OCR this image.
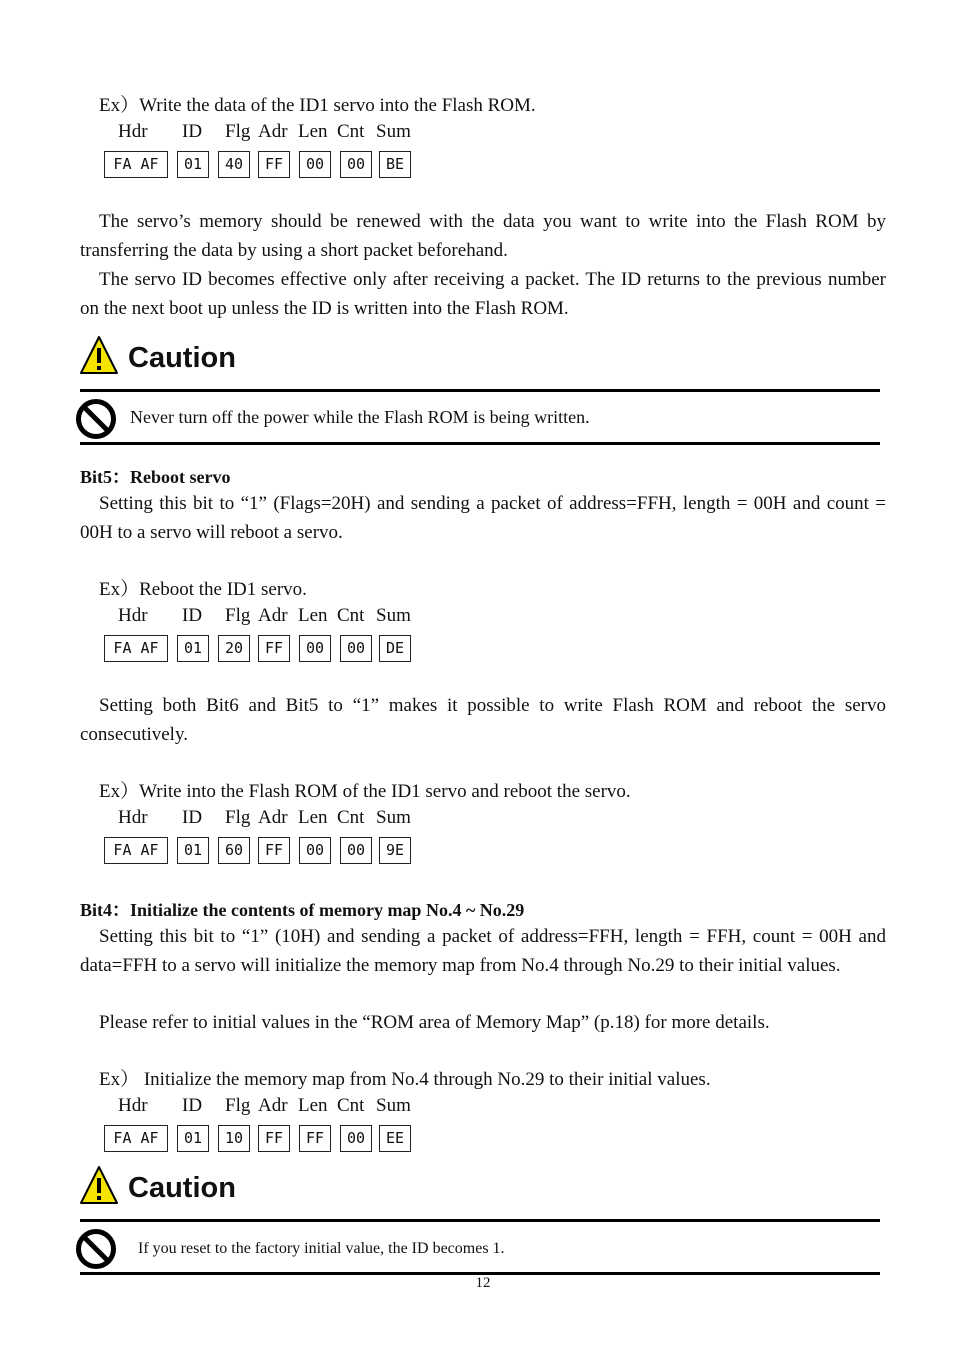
Ex）Write the data of the ID1 servo into the Flash ROM.
Hdr ID Flg Adr Len Cnt Sum
FA AF	01	40	FF	00	00	BE
The servo’s memory should be renewed with the data you want to write into the Flash ROM by transferring the data by using a short packet beforehand.
The servo ID becomes effective only after receiving a packet. The ID returns to the previous number on the next boot up unless the ID is written into the Flash ROM.
Caution
Never turn off the power while the Flash ROM is being written.
Bit5：Reboot servo
Setting this bit to “1” (Flags=20H) and sending a packet of address=FFH, length = 00H and count = 00H to a servo will reboot a servo.
Ex）Reboot the ID1 servo.
Hdr ID Flg Adr Len Cnt Sum
FA AF	01	20	FF	00	00	DE
Setting both Bit6 and Bit5 to “1” makes it possible to write Flash ROM and reboot the servo consecutively.
Ex）Write into the Flash ROM of the ID1 servo and reboot the servo.
Hdr ID Flg Adr Len Cnt Sum
FA AF	01	60	FF	00	00	9E
Bit4：Initialize the contents of memory map No.4 ~ No.29
Setting this bit to “1” (10H) and sending a packet of address=FFH, length = FFH, count = 00H and data=FFH to a servo will initialize the memory map from No.4 through No.29 to their initial values.
Please refer to initial values in the “ROM area of Memory Map” (p.18) for more details.
Ex） Initialize the memory map from No.4 through No.29 to their initial values.
Hdr ID Flg Adr Len Cnt Sum
FA AF	01	10	FF	FF	00	EE
Caution
If you reset to the factory initial value, the ID becomes 1.
12
